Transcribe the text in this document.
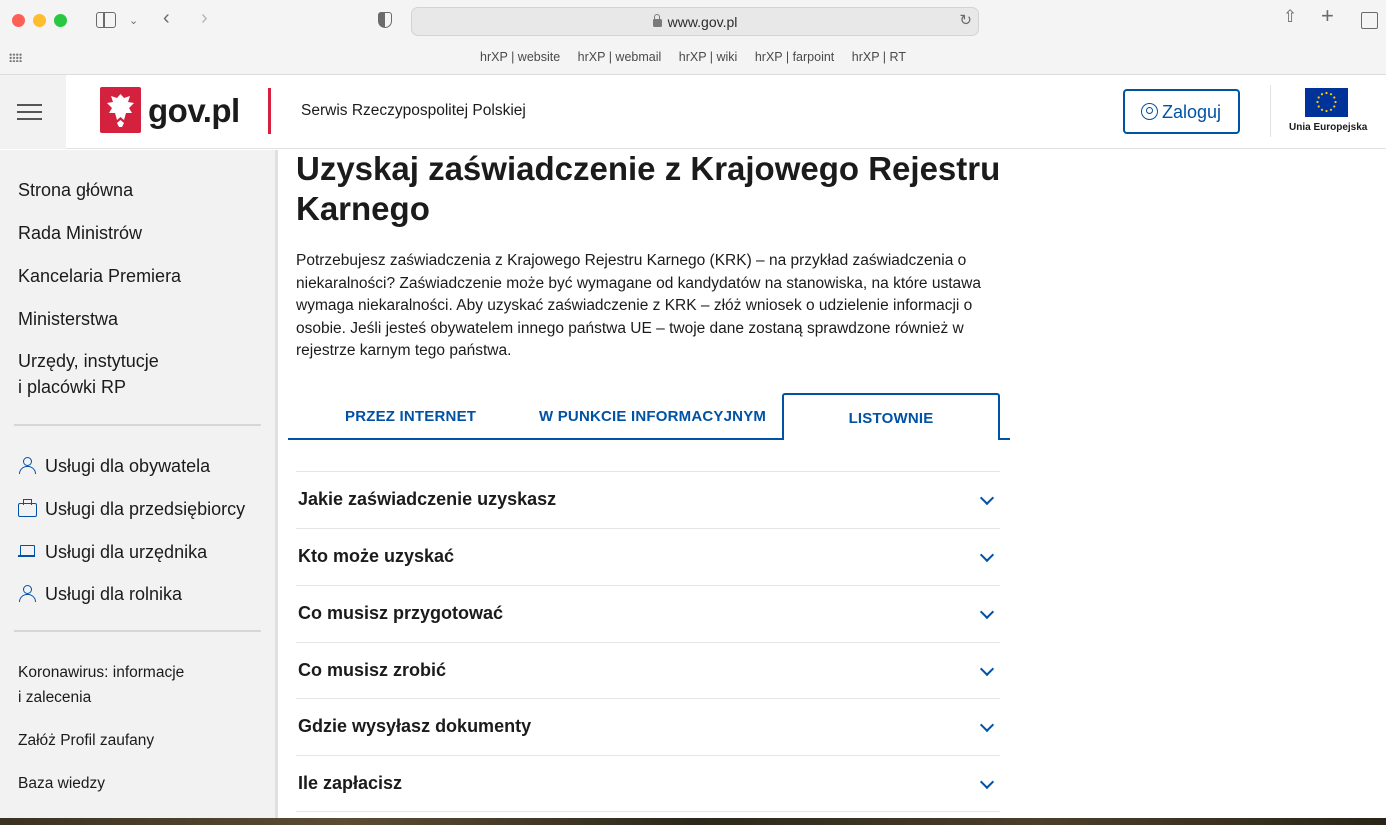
⌄ ‹ ›	www.gov.pl	↻	⇧ +
hrXP | website hrXP | webmail hrXP | wiki hrXP | farpoint hrXP | RT
gov.pl	Serwis Rzeczypospolitej Polskiej	Zaloguj
Unia Europejska
Strona główna
Rada Ministrów
Kancelaria Premiera
Ministerstwa
Urzędy, instytucje
i placówki RP
Usługi dla obywatela
Usługi dla przedsiębiorcy
Usługi dla urzędnika
Usługi dla rolnika
Koronawirus: informacje
i zalecenia
Załóż Profil zaufany
Baza wiedzy
Uzyskaj zaświadczenie z Krajowego Rejestru Karnego

Potrzebujesz zaświadczenia z Krajowego Rejestru Karnego (KRK) – na przykład zaświadczenia o niekaralności? Zaświadczenie może być wymagane od kandydatów na stanowiska, na które ustawa wymaga niekaralności. Aby uzyskać zaświadczenie z KRK – złóż wniosek o udzielenie informacji o osobie. Jeśli jesteś obywatelem innego państwa UE – twoje dane zostaną sprawdzone również w rejestrze karnym tego państwa.

PRZEZ INTERNET	W PUNKCIE INFORMACYJNYM	LISTOWNIE
Jakie zaświadczenie uzyskasz
Kto może uzyskać
Co musisz przygotować
Co musisz zrobić
Gdzie wysyłasz dokumenty
Ile zapłacisz
